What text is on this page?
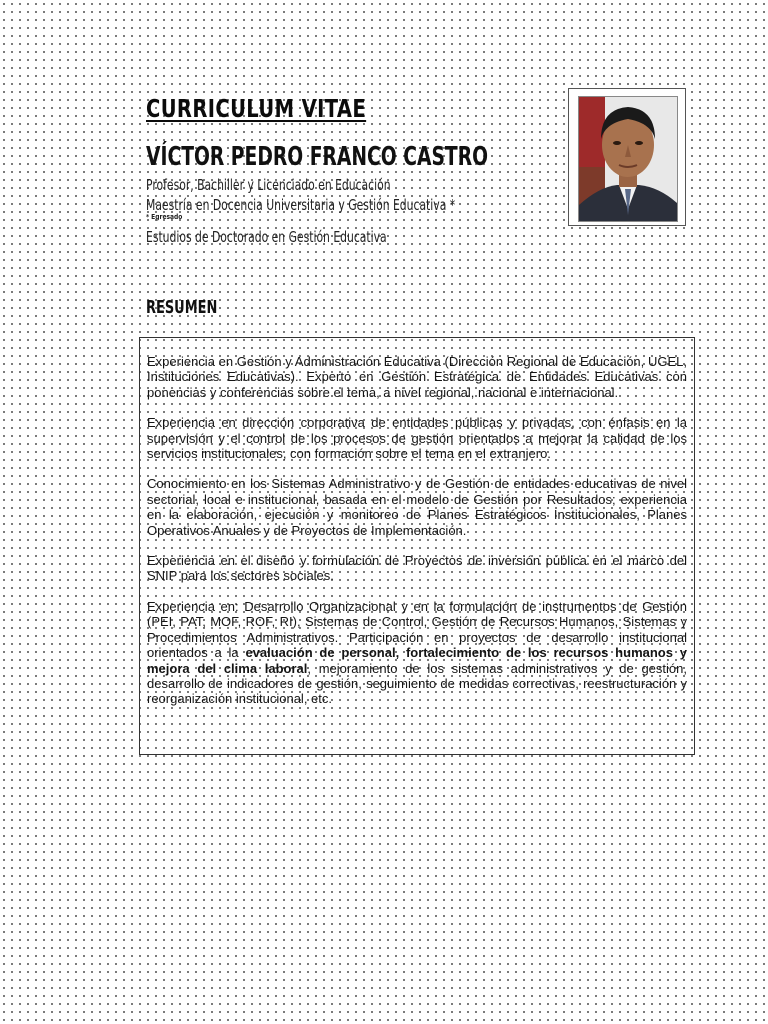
CURRICULUM VITAE
VÍCTOR PEDRO FRANCO CASTRO

Profesor, Bachiller y Licenciado en Educación

Maestría en Docencia Universitaria y Gestión Educativa *

* Egresado

Estudios de Doctorado en Gestión Educativa

RESUMEN

Experiencia en Gestión y Administración Educativa (Dirección Regional de Educación, UGEL, Instituciones Educativas). Experto en Gestión Estratégica de Entidades Educativas con ponencias y conferencias sobre el tema, a nivel regional, nacional e internacional.

Experiencia en dirección corporativa de entidades públicas y privadas, con énfasis en la supervisión y el control de los procesos de gestión orientados a mejorar la calidad de los servicios institucionales, con formación sobre el tema en el extranjero.

Conocimiento en los Sistemas Administrativo y de Gestión de entidades educativas de nivel sectorial, local e institucional, basada en el modelo de Gestión por Resultados; experiencia en la elaboración, ejecución y monitoreo de Planes Estratégicos Institucionales, Planes Operativos Anuales y de Proyectos de Implementación.

Experiencia en el diseño y formulación de Proyectos de inversión pública en el marco del SNIP para los sectores sociales.

Experiencia en: Desarrollo Organizacional y en la formulación de instrumentos de Gestión (PEI, PAT, MOF, ROF, RI), Sistemas de Control, Gestión de Recursos Humanos, Sistemas y Procedimientos Administrativos. Participación en proyectos de desarrollo institucional orientados a la evaluación de personal, fortalecimiento de los recursos humanos y mejora del clima laboral, mejoramiento de los sistemas administrativos y de gestión, desarrollo de indicadores de gestión, seguimiento de medidas correctivas, reestructuración y reorganización institucional, etc.
